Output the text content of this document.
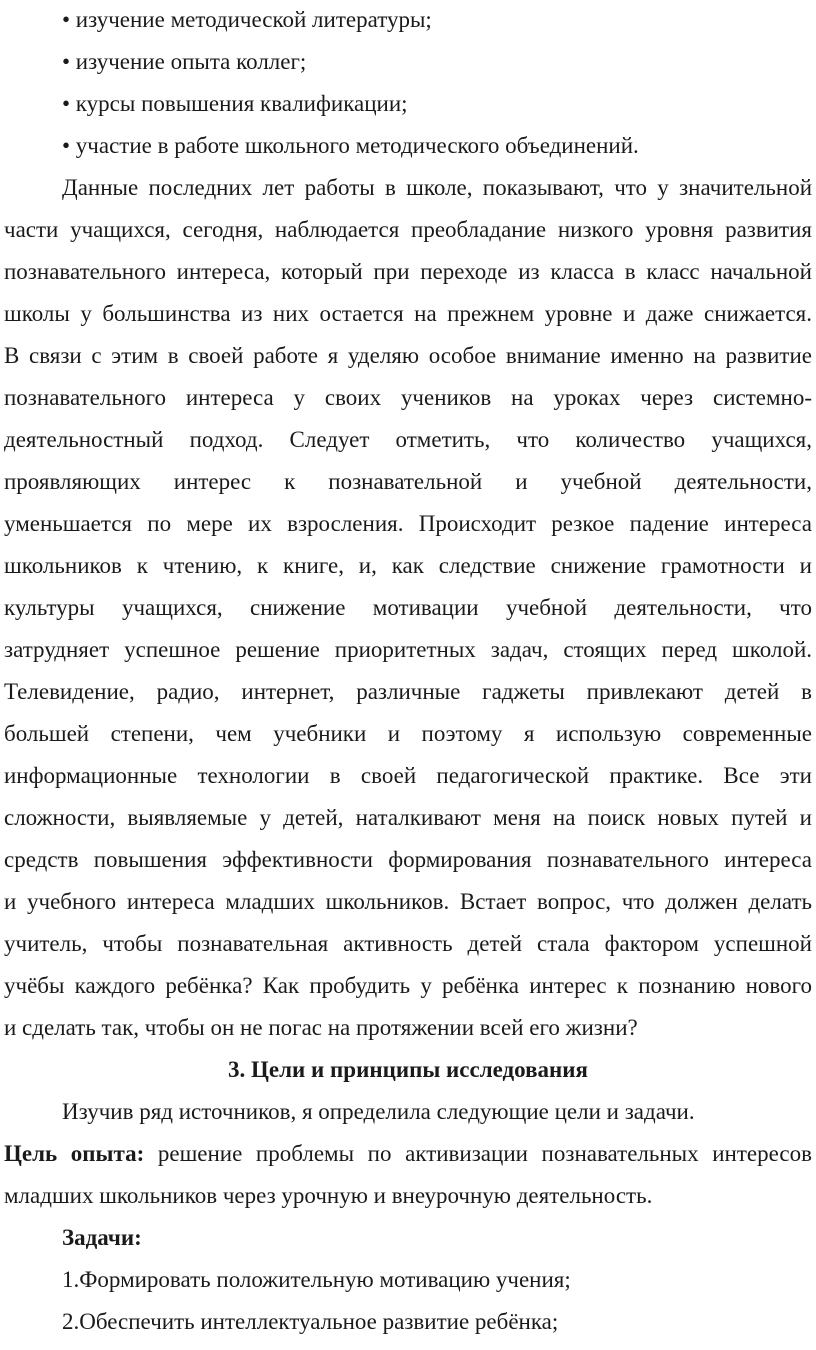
• изучение методической литературы;
• изучение опыта коллег;
• курсы повышения квалификации;
• участие в работе школьного методического объединений.
Данные последних лет работы в школе, показывают, что у значительной
части учащихся, сегодня, наблюдается преобладание низкого уровня развития
познавательного интереса, который при переходе из класса в класс начальной
школы у большинства из них остается на прежнем уровне и даже снижается.
В связи с этим в своей работе я уделяю особое внимание именно на развитие
познавательного интереса у своих учеников на уроках через системно-
деятельностный подход. Следует отметить, что количество учащихся,
проявляющих интерес к познавательной и учебной деятельности,
уменьшается по мере их взросления. Происходит резкое падение интереса
школьников к чтению, к книге, и, как следствие снижение грамотности и
культуры учащихся, снижение мотивации учебной деятельности, что
затрудняет успешное решение приоритетных задач, стоящих перед школой.
Телевидение, радио, интернет, различные гаджеты привлекают детей в
большей степени, чем учебники и поэтому я использую современные
информационные технологии в своей педагогической практике. Все эти
сложности, выявляемые у детей, наталкивают меня на поиск новых путей и
средств повышения эффективности формирования познавательного интереса
и учебного интереса младших школьников. Встает вопрос, что должен делать
учитель, чтобы познавательная активность детей стала фактором успешной
учёбы каждого ребёнка? Как пробудить у ребёнка интерес к познанию нового
и сделать так, чтобы он не погас на протяжении всей его жизни?
3. Цели и принципы исследования
Изучив ряд источников, я определила следующие цели и задачи.
Цель опыта: решение проблемы по активизации познавательных интересов
младших школьников через урочную и внеурочную деятельность.
Задачи:
1.Формировать положительную мотивацию учения;
2.Обеспечить интеллектуальное развитие ребёнка;
